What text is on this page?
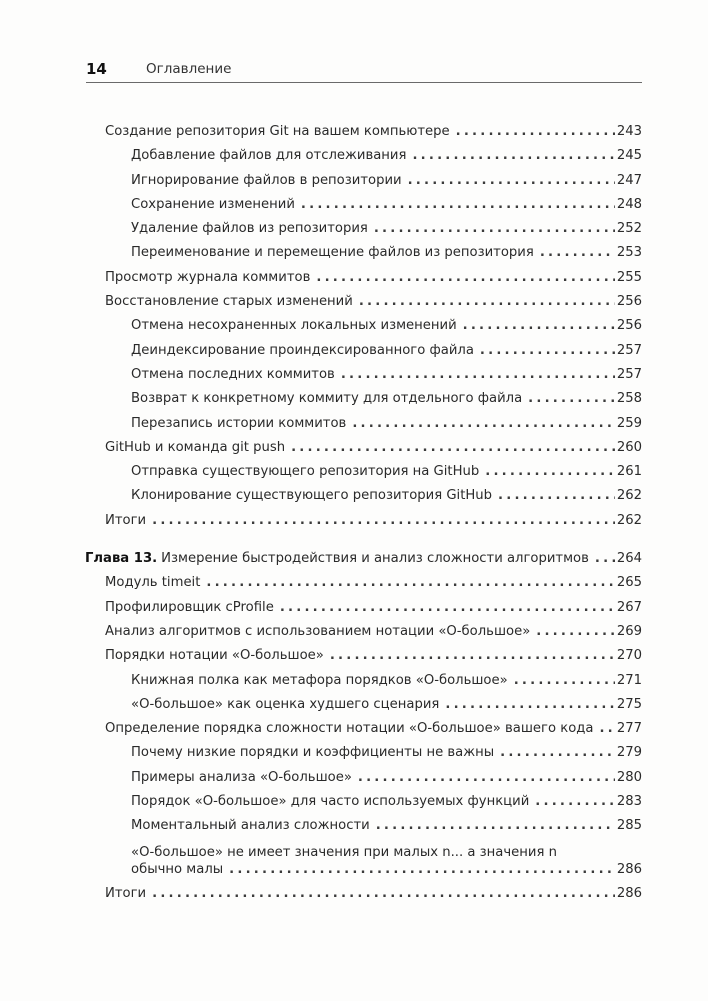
14	Оглавление
Создание репозитория Git на вашем компьютере .....	243
Добавление файлов для отслеживания .....	245
Игнорирование файлов в репозитории .....	247
Сохранение изменений .....	248
Удаление файлов из репозитория .....	252
Переименование и перемещение файлов из репозитория .....	253
Просмотр журнала коммитов .....	255
Восстановление старых изменений .....	256
Отмена несохраненных локальных изменений .....	256
Деиндексирование проиндексированного файла .....	257
Отмена последних коммитов .....	257
Возврат к конкретному коммиту для отдельного файла .....	258
Перезапись истории коммитов .....	259
GitHub и команда git push .....	260
Отправка существующего репозитория на GitHub .....	261
Клонирование существующего репозитория GitHub .....	262
Итоги .....	262
Глава 13. Измерение быстродействия и анализ сложности алгоритмов ..... 264
Модуль timeit .....	265
Профилировщик cProfile .....	267
Анализ алгоритмов с использованием нотации «О-большое» .....	269
Порядки нотации «О-большое» .....	270
Книжная полка как метафора порядков «О-большое» .....	271
«О-большое» как оценка худшего сценария .....	275
Определение порядка сложности нотации «О-большое» вашего кода ..... 277
Почему низкие порядки и коэффициенты не важны .....	279
Примеры анализа «О-большое» .....	280
Порядок «О-большое» для часто используемых функций .....	283
Моментальный анализ сложности .....	285
«О-большое» не имеет значения при малых n... а значения n
обычно малы .....	286
Итоги .....	286
